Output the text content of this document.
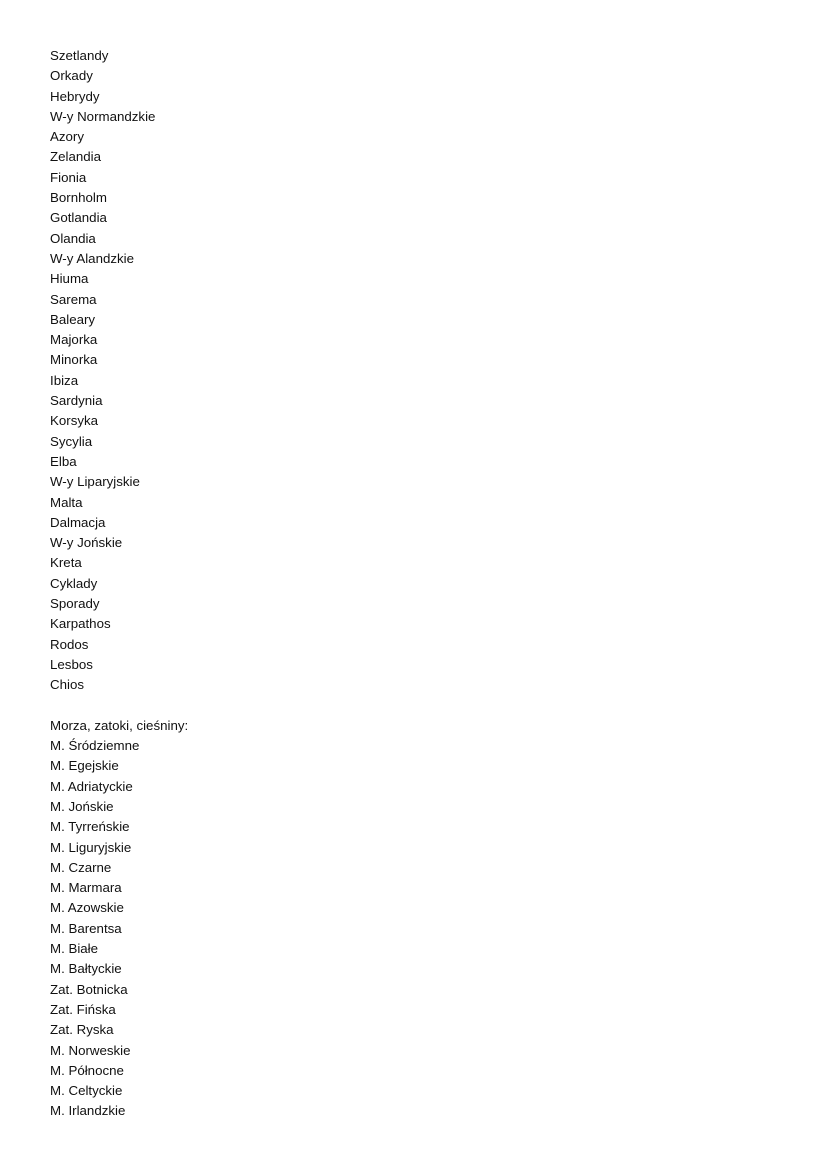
Szetlandy
Orkady
Hebrydy
W-y Normandzkie
Azory
Zelandia
Fionia
Bornholm
Gotlandia
Olandia
W-y Alandzkie
Hiuma
Sarema
Baleary
Majorka
Minorka
Ibiza
Sardynia
Korsyka
Sycylia
Elba
W-y Liparyjskie
Malta
Dalmacja
W-y Jońskie
Kreta
Cyklady
Sporady
Karpathos
Rodos
Lesbos
Chios
Morza, zatoki, cieśniny:
M. Śródziemne
M. Egejskie
M. Adriatyckie
M. Jońskie
M. Tyrreńskie
M. Liguryjskie
M. Czarne
M. Marmara
M. Azowskie
M. Barentsa
M. Białe
M. Bałtyckie
Zat. Botnicka
Zat. Fińska
Zat. Ryska
M. Norweskie
M. Północne
M. Celtyckie
M. Irlandzkie
